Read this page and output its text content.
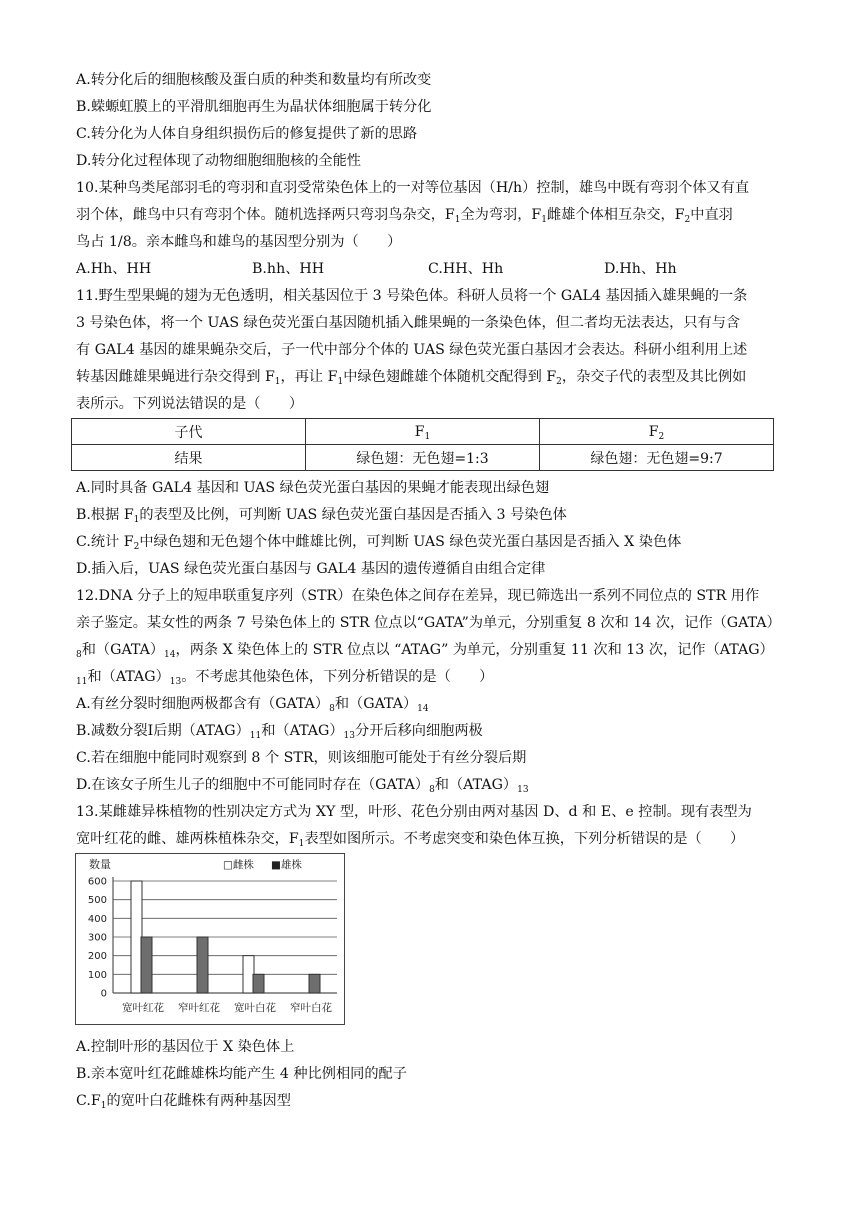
A.转分化后的细胞核酸及蛋白质的种类和数量均有所改变
B.蝾螈虹膜上的平滑肌细胞再生为晶状体细胞属于转分化
C.转分化为人体自身组织损伤后的修复提供了新的思路
D.转分化过程体现了动物细胞细胞核的全能性
10.某种鸟类尾部羽毛的弯羽和直羽受常染色体上的一对等位基因（H/h）控制，雄鸟中既有弯羽个体又有直
羽个体，雌鸟中只有弯羽个体。随机选择两只弯羽鸟杂交，$F_1$全为弯羽，$F_1$雌雄个体相互杂交，$F_2$中直羽
鸟占 1/8。亲本雌鸟和雄鸟的基因型分别为（　　）
A.Hh、HH	B.hh、HH	C.HH、Hh	D.Hh、Hh
11.野生型果蝇的翅为无色透明，相关基因位于 3 号染色体。科研人员将一个 GAL4 基因插入雄果蝇的一条
3 号染色体，将一个 UAS 绿色荧光蛋白基因随机插入雌果蝇的一条染色体，但二者均无法表达，只有与含
有 GAL4 基因的雄果蝇杂交后，子一代中部分个体的 UAS 绿色荧光蛋白基因才会表达。科研小组利用上述
转基因雌雄果蝇进行杂交得到 $F_1$，再让 $F_1$中绿色翅雌雄个体随机交配得到 $F_2$，杂交子代的表型及其比例如
表所示。下列说法错误的是（　　）
子代	$F_1$	$F_2$
结果	绿色翅：无色翅=1:3	绿色翅：无色翅=9:7
A.同时具备 GAL4 基因和 UAS 绿色荧光蛋白基因的果蝇才能表现出绿色翅
B.根据 $F_1$的表型及比例，可判断 UAS 绿色荧光蛋白基因是否插入 3 号染色体
C.统计 $F_2$中绿色翅和无色翅个体中雌雄比例，可判断 UAS 绿色荧光蛋白基因是否插入 X 染色体
D.插入后，UAS 绿色荧光蛋白基因与 GAL4 基因的遗传遵循自由组合定律
12.DNA 分子上的短串联重复序列（STR）在染色体之间存在差异，现已筛选出一系列不同位点的 STR 用作
亲子鉴定。某女性的两条 7 号染色体上的 STR 位点以“GATA”为单元，分别重复 8 次和 14 次，记作（GATA）
$_8$和$(GATA)_{14}$，两条 X 染色体上的 STR 位点以 “ATAG” 为单元，分别重复 11 次和 13 次，记作（ATAG）
$_{11}$和$(ATAG)_{13}$。不考虑其他染色体，下列分析错误的是（　　）
A.有丝分裂时细胞两极都含有$(GATA)_8$和$(GATA)_{14}$
B.减数分裂Ⅰ后期$(ATAG)_{11}$和$(ATAG)_{13}$分开后移向细胞两极
C.若在细胞中能同时观察到 8 个 STR，则该细胞可能处于有丝分裂后期
D.在该女子所生儿子的细胞中不可能同时存在$(GATA)_8$和$(ATAG)_{13}$
13.某雌雄异株植物的性别决定方式为 XY 型，叶形、花色分别由两对基因 D、d 和 E、e 控制。现有表型为
宽叶红花的雌、雄两株植株杂交，$F_1$表型如图所示。不考虑突变和染色体互换，下列分析错误的是（　　）
数量	□雌株 ■雄株
0
100
200
300
400
500
600
宽叶红花 窄叶红花 宽叶白花 窄叶白花
A.控制叶形的基因位于 X 染色体上
B.亲本宽叶红花雌雄株均能产生 4 种比例相同的配子
$C.F_1$的宽叶白花雌株有两种基因型
